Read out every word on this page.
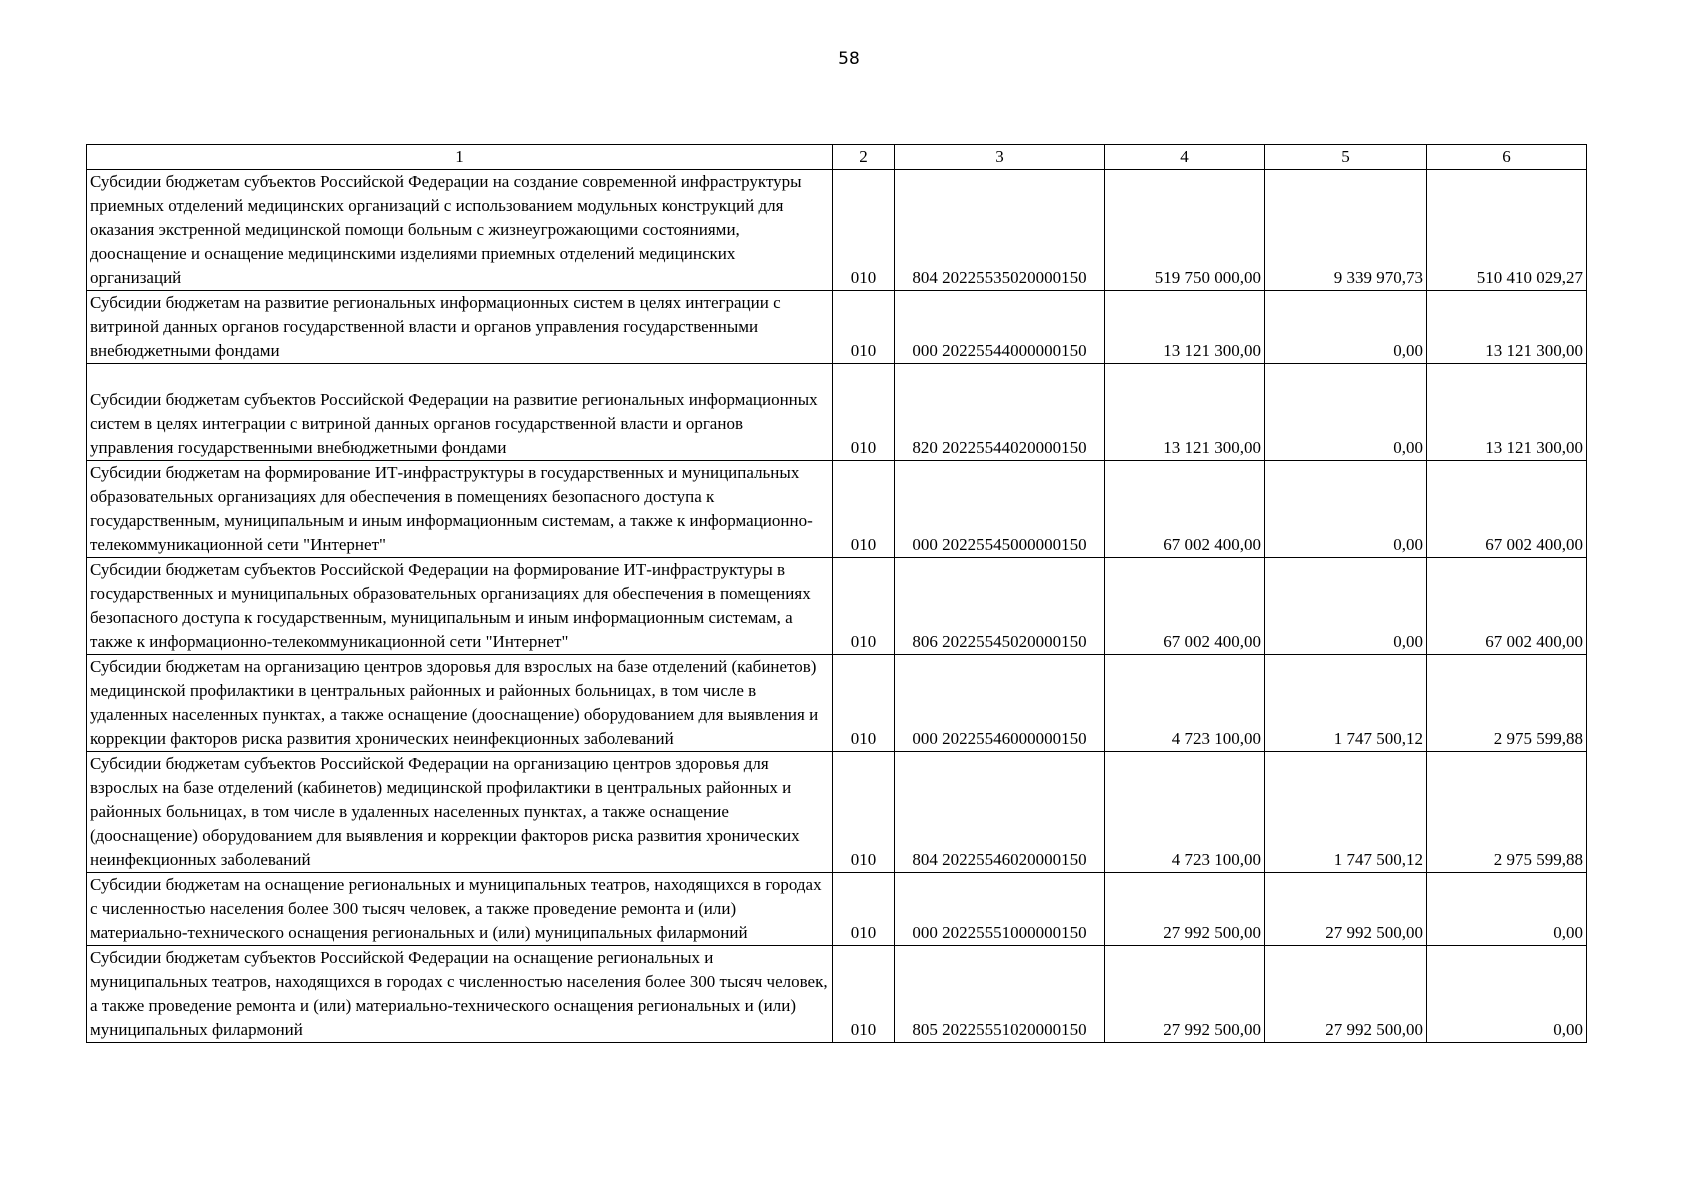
58
1	2	3	4	5	6
Субсидии бюджетам субъектов Российской Федерации на создание современной инфраструктуры приемных отделений медицинских организаций с использованием модульных конструкций для оказания экстренной медицинской помощи больным с жизнеугрожающими состояниями, дооснащение и оснащение медицинскими изделиями приемных отделений медицинских организаций	010	804 20225535020000150	519 750 000,00	9 339 970,73	510 410 029,27
Субсидии бюджетам на развитие региональных информационных систем в целях интеграции с витриной данных органов государственной власти и органов управления государственными внебюджетными фондами	010	000 20225544000000150	13 121 300,00	0,00	13 121 300,00
Субсидии бюджетам субъектов Российской Федерации на развитие региональных информационных систем в целях интеграции с витриной данных органов государственной власти и органов управления государственными внебюджетными фондами	010	820 20225544020000150	13 121 300,00	0,00	13 121 300,00
Субсидии бюджетам на формирование ИТ-инфраструктуры в государственных и муниципальных образовательных организациях для обеспечения в помещениях безопасного доступа к государственным, муниципальным и иным информационным системам, а также к информационно-телекоммуникационной сети "Интернет"	010	000 20225545000000150	67 002 400,00	0,00	67 002 400,00
Субсидии бюджетам субъектов Российской Федерации на формирование ИТ-инфраструктуры в государственных и муниципальных образовательных организациях для обеспечения в помещениях безопасного доступа к государственным, муниципальным и иным информационным системам, а также к информационно-телекоммуникационной сети "Интернет"	010	806 20225545020000150	67 002 400,00	0,00	67 002 400,00
Субсидии бюджетам на организацию центров здоровья для взрослых на базе отделений (кабинетов) медицинской профилактики в центральных районных и районных больницах, в том числе в удаленных населенных пунктах, а также оснащение (дооснащение) оборудованием для выявления и коррекции факторов риска развития хронических неинфекционных заболеваний	010	000 20225546000000150	4 723 100,00	1 747 500,12	2 975 599,88
Субсидии бюджетам субъектов Российской Федерации на организацию центров здоровья для взрослых на базе отделений (кабинетов) медицинской профилактики в центральных районных и районных больницах, в том числе в удаленных населенных пунктах, а также оснащение (дооснащение) оборудованием для выявления и коррекции факторов риска развития хронических неинфекционных заболеваний	010	804 20225546020000150	4 723 100,00	1 747 500,12	2 975 599,88
Субсидии бюджетам на оснащение региональных и муниципальных театров, находящихся в городах с численностью населения более 300 тысяч человек, а также проведение ремонта и (или) материально-технического оснащения региональных и (или) муниципальных филармоний	010	000 20225551000000150	27 992 500,00	27 992 500,00	0,00
Субсидии бюджетам субъектов Российской Федерации на оснащение региональных и муниципальных театров, находящихся в городах с численностью населения более 300 тысяч человек, а также проведение ремонта и (или) материально-технического оснащения региональных и (или) муниципальных филармоний	010	805 20225551020000150	27 992 500,00	27 992 500,00	0,00
